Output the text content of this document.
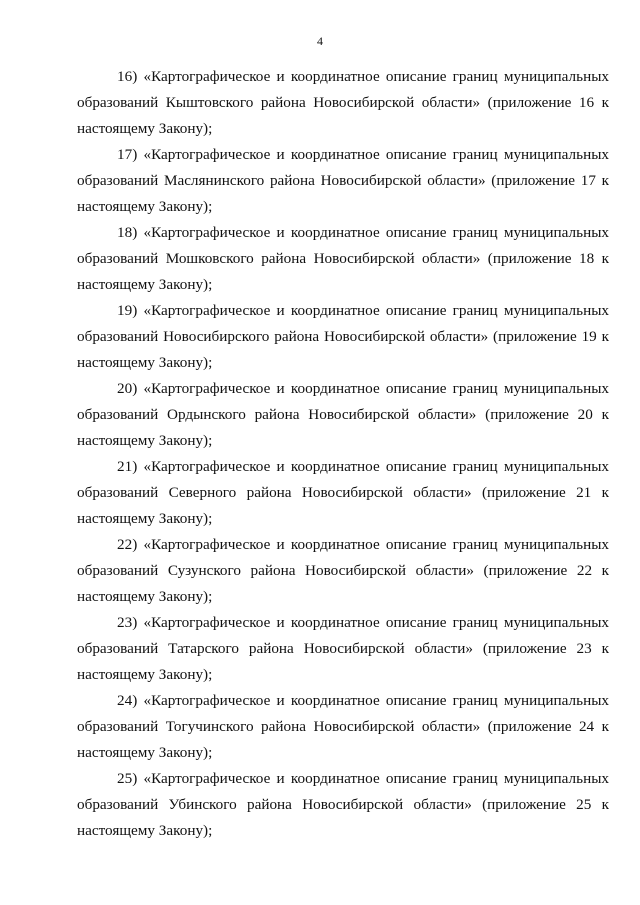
4

16) «Картографическое и координатное описание границ муниципальных образований Кыштовского района Новосибирской области» (приложение 16 к настоящему Закону);

17) «Картографическое и координатное описание границ муниципальных образований Маслянинского района Новосибирской области» (приложение 17 к настоящему Закону);

18) «Картографическое и координатное описание границ муниципальных образований Мошковского района Новосибирской области» (приложение 18 к настоящему Закону);

19) «Картографическое и координатное описание границ муниципальных образований Новосибирского района Новосибирской области» (приложение 19 к настоящему Закону);

20) «Картографическое и координатное описание границ муниципальных образований Ордынского района Новосибирской области» (приложение 20 к настоящему Закону);

21) «Картографическое и координатное описание границ муниципальных образований Северного района Новосибирской области» (приложение 21 к настоящему Закону);

22) «Картографическое и координатное описание границ муниципальных образований Сузунского района Новосибирской области» (приложение 22 к настоящему Закону);

23) «Картографическое и координатное описание границ муниципальных образований Татарского района Новосибирской области» (приложение 23 к настоящему Закону);

24) «Картографическое и координатное описание границ муниципальных образований Тогучинского района Новосибирской области» (приложение 24 к настоящему Закону);

25) «Картографическое и координатное описание границ муниципальных образований Убинского района Новосибирской области» (приложение 25 к настоящему Закону);
